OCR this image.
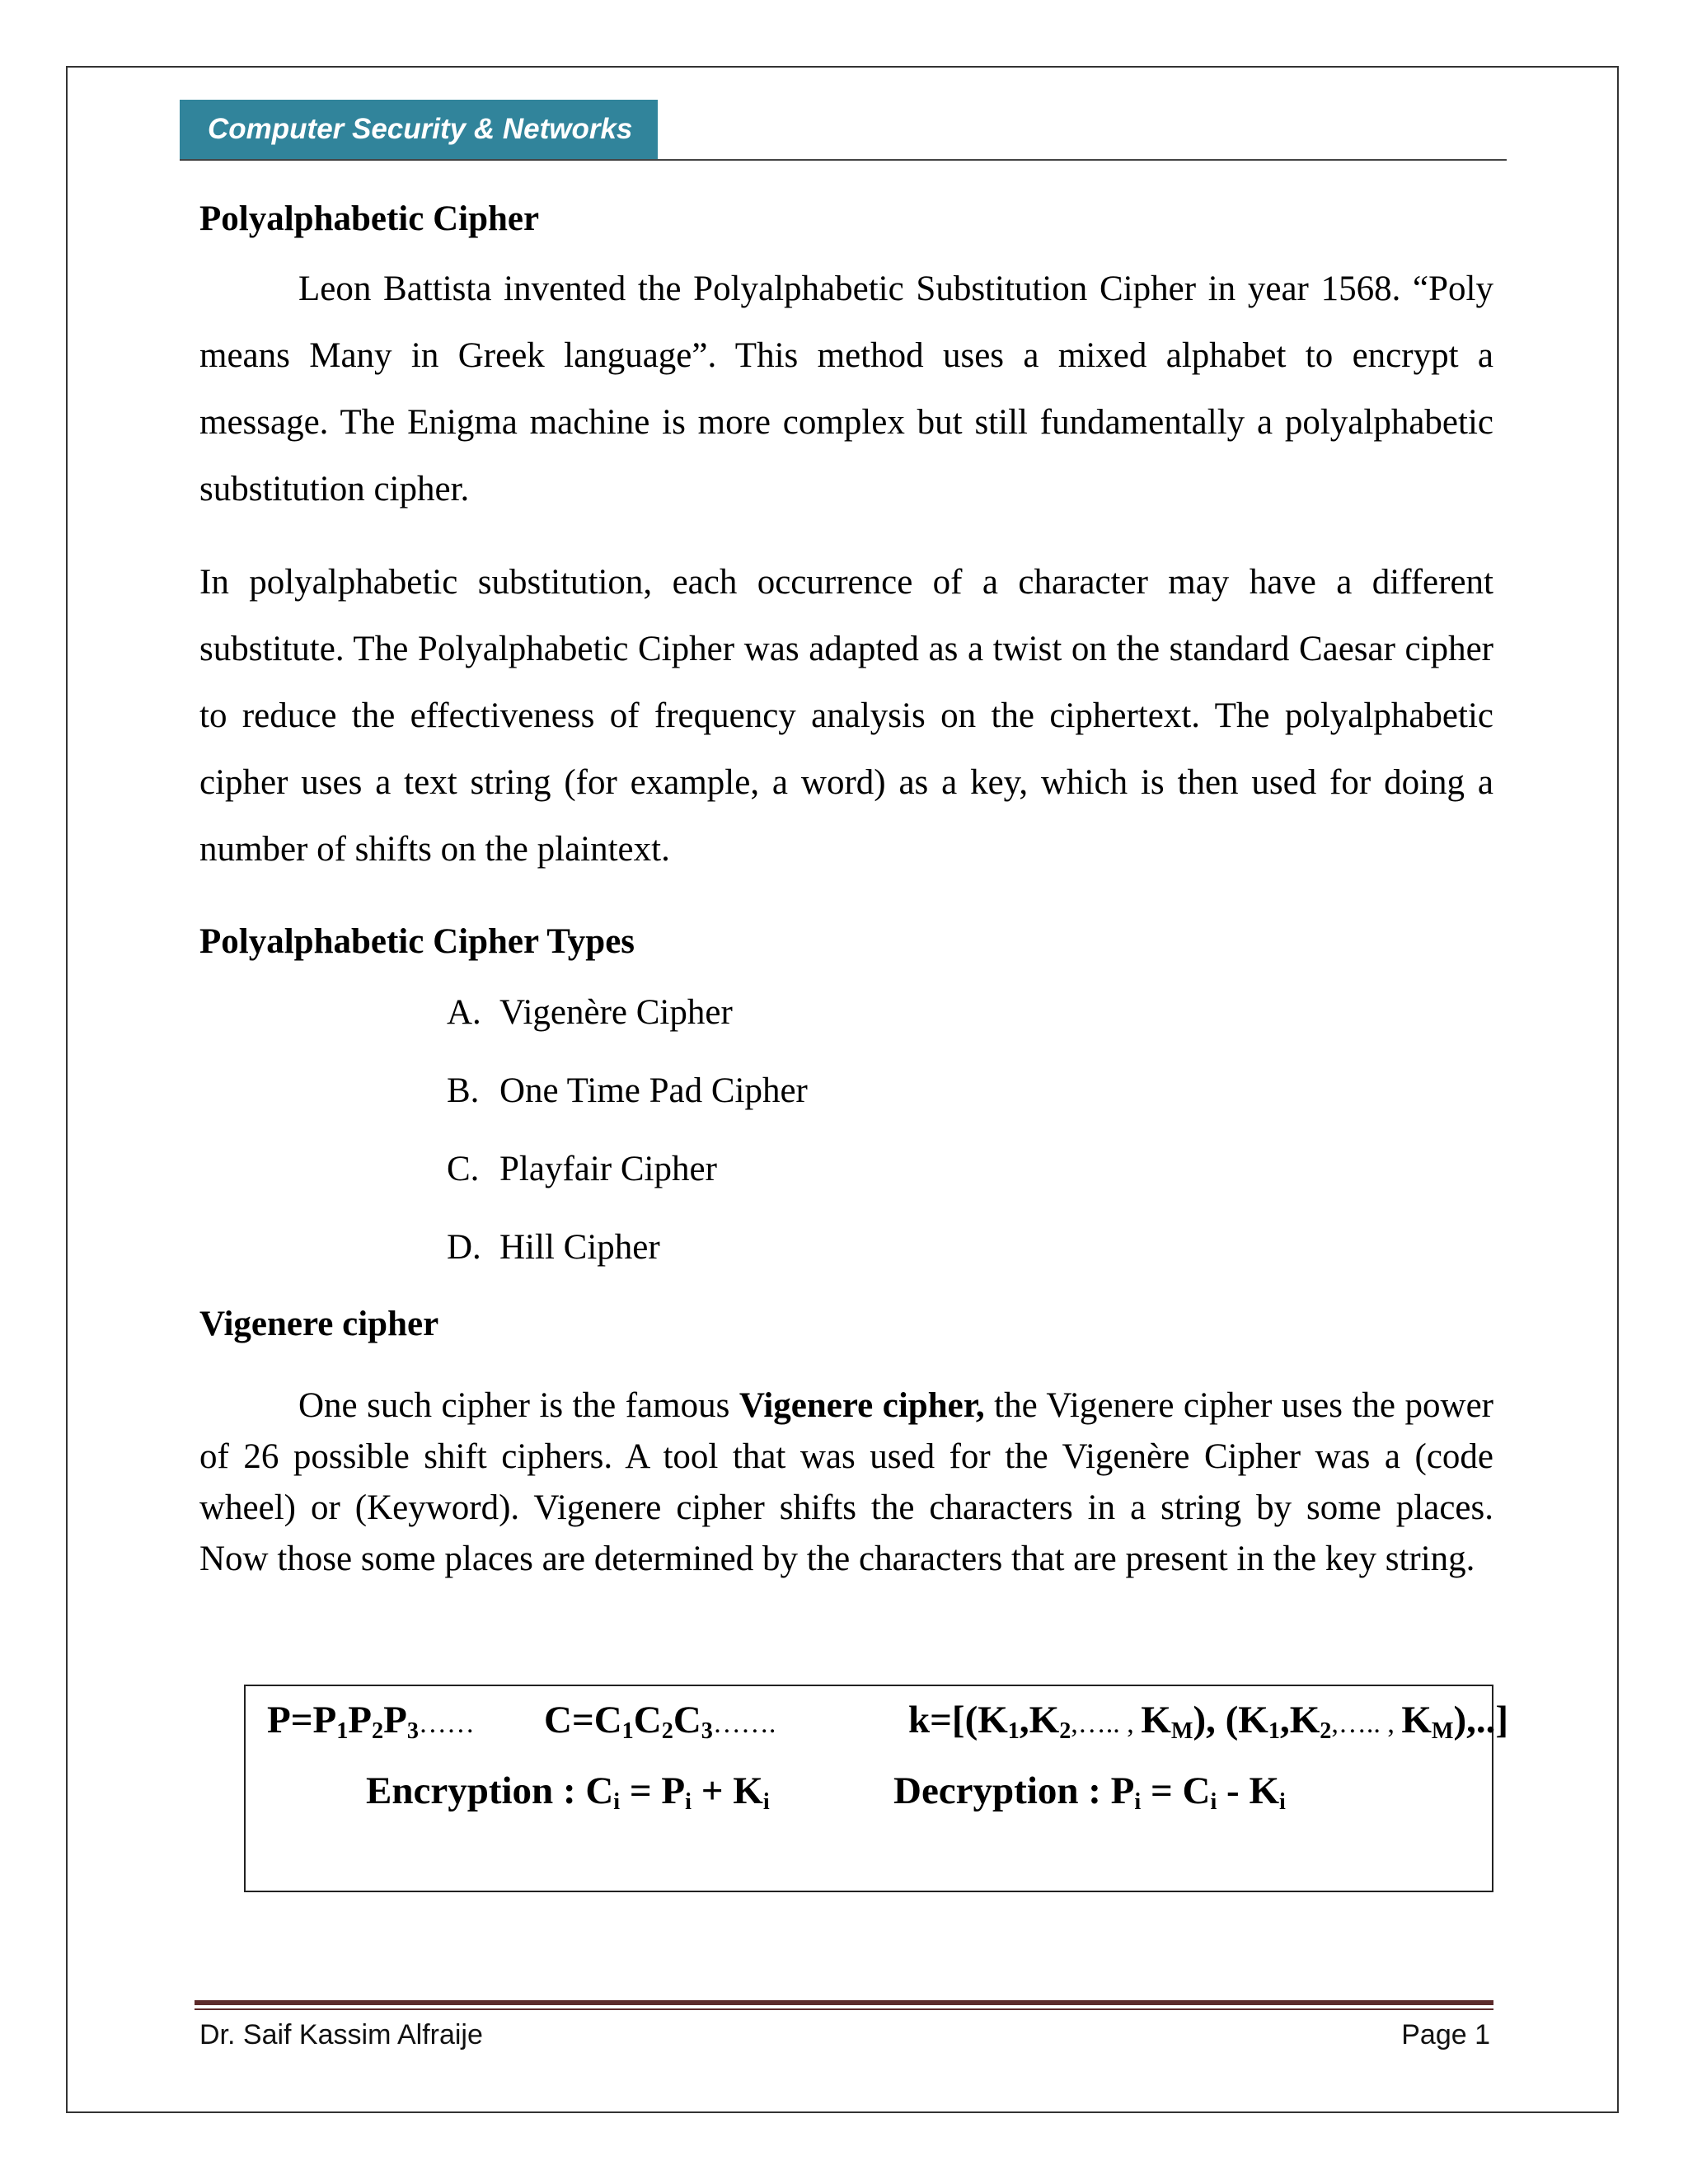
Computer Security & Networks
Polyalphabetic Cipher

Leon Battista invented the Polyalphabetic Substitution Cipher in year 1568. “Poly means Many in Greek language”. This method uses a mixed alphabet to encrypt a message. The Enigma machine is more complex but still fundamentally a polyalphabetic substitution cipher.

In polyalphabetic substitution, each occurrence of a character may have a different substitute. The Polyalphabetic Cipher was adapted as a twist on the standard Caesar cipher to reduce the effectiveness of frequency analysis on the ciphertext. The polyalphabetic cipher uses a text string (for example, a word) as a key, which is then used for doing a number of shifts on the plaintext.

Polyalphabetic Cipher Types
A. Vigenère Cipher
B. One Time Pad Cipher
C. Playfair Cipher
D. Hill Cipher
Vigenere cipher

One such cipher is the famous Vigenere cipher, the Vigenere cipher uses the power of 26 possible shift ciphers. A tool that was used for the Vigenère Cipher was a (code wheel) or (Keyword). Vigenere cipher shifts the characters in a string by some places. Now those some places are determined by the characters that are present in the key string.

$P=P_1P_2P_3\dots\dots$ $C=C_1C_2C_3\dots\dots$.	$k=[(K_1,K_2,\dots$.. , $K_M$), ($K_1,K_2,\dots$.. , $K_M$),..]
Encryption : $C_i = P_i + K_i$	Decryption : $P_i = C_i - K_i$
Dr. Saif Kassim Alfraije	Page 1
